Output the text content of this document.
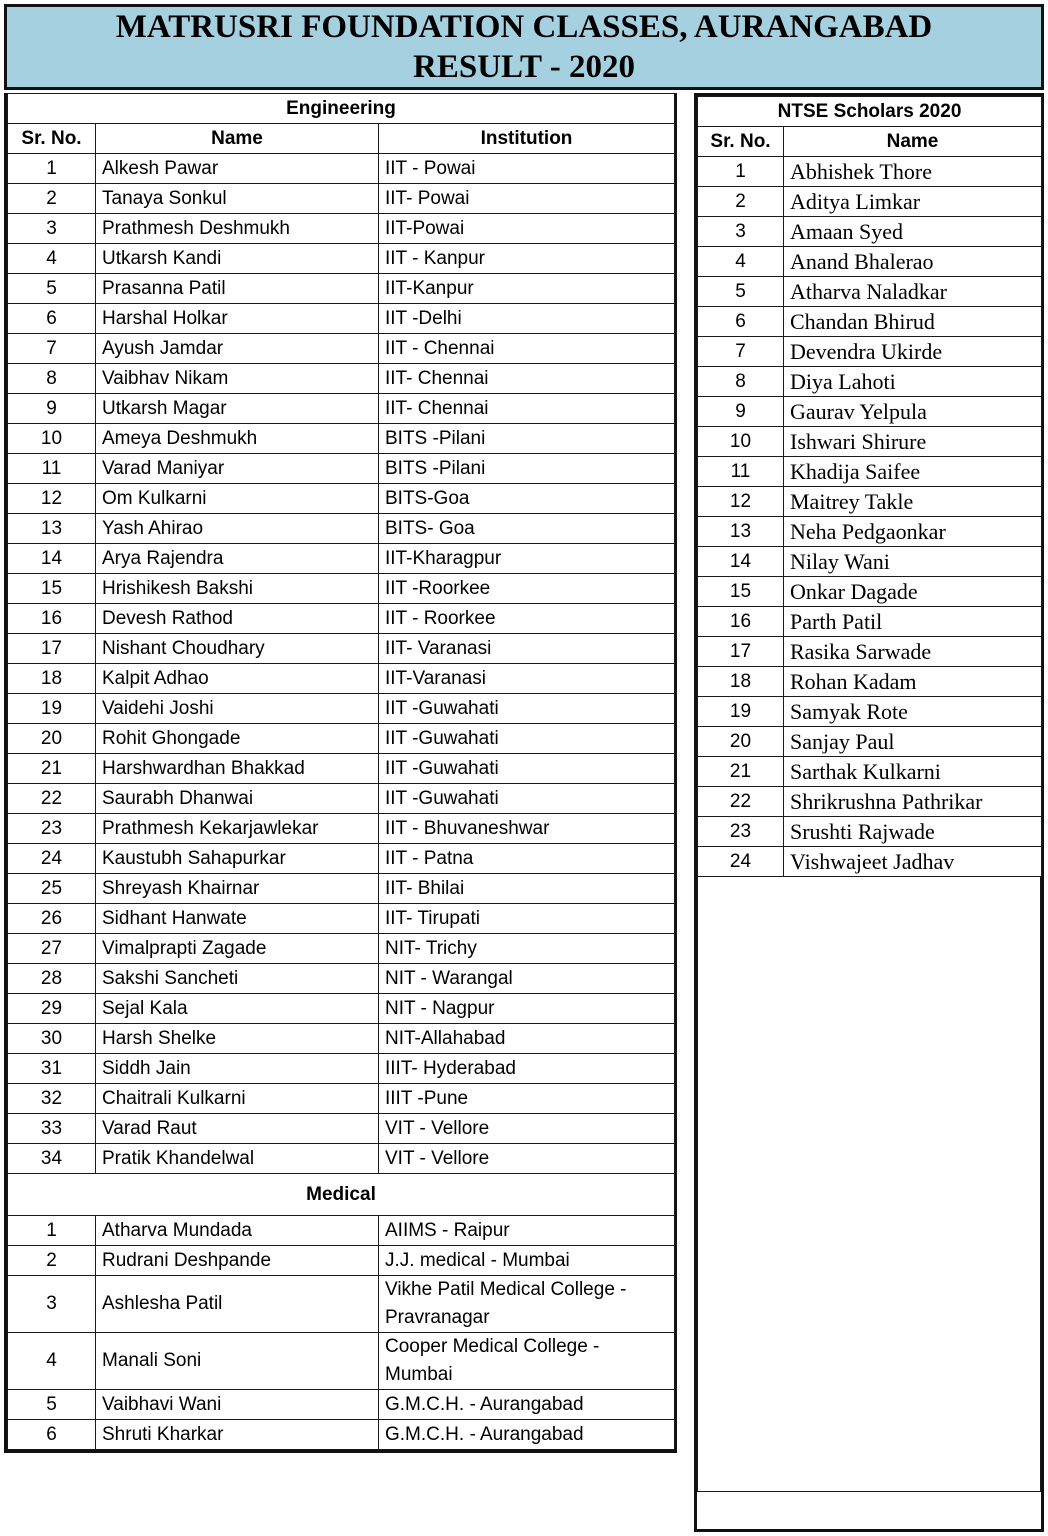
MATRUSRI FOUNDATION CLASSES, AURANGABAD
RESULT - 2020
Engineering		
Sr. No.	Name	Institution
1	Alkesh Pawar	IIT - Powai
2	Tanaya Sonkul	IIT- Powai
3	Prathmesh Deshmukh	IIT-Powai
4	Utkarsh Kandi	IIT - Kanpur
5	Prasanna Patil	IIT-Kanpur
6	Harshal Holkar	IIT -Delhi
7	Ayush Jamdar	IIT - Chennai
8	Vaibhav Nikam	IIT- Chennai
9	Utkarsh Magar	IIT- Chennai
10	Ameya Deshmukh	BITS -Pilani
11	Varad Maniyar	BITS -Pilani
12	Om Kulkarni	BITS-Goa
13	Yash Ahirao	BITS- Goa
14	Arya Rajendra	IIT-Kharagpur
15	Hrishikesh Bakshi	IIT -Roorkee
16	Devesh Rathod	IIT - Roorkee
17	Nishant Choudhary	IIT- Varanasi
18	Kalpit Adhao	IIT-Varanasi
19	Vaidehi Joshi	IIT -Guwahati
20	Rohit Ghongade	IIT -Guwahati
21	Harshwardhan Bhakkad	IIT -Guwahati
22	Saurabh Dhanwai	IIT -Guwahati
23	Prathmesh Kekarjawlekar	IIT - Bhuvaneshwar
24	Kaustubh Sahapurkar	IIT - Patna
25	Shreyash Khairnar	IIT- Bhilai
26	Sidhant Hanwate	IIT- Tirupati
27	Vimalprapti Zagade	NIT- Trichy
28	Sakshi Sancheti	NIT - Warangal
29	Sejal Kala	NIT - Nagpur
30	Harsh Shelke	NIT-Allahabad
31	Siddh Jain	IIIT- Hyderabad
32	Chaitrali Kulkarni	IIIT -Pune
33	Varad Raut	VIT - Vellore
34	Pratik Khandelwal	VIT - Vellore
Medical		
1	Atharva Mundada	AIIMS - Raipur
2	Rudrani Deshpande	J.J. medical - Mumbai
3	Ashlesha Patil	Vikhe Patil Medical College - Pravranagar
4	Manali Soni	Cooper Medical College - Mumbai
5	Vaibhavi Wani	G.M.C.H. - Aurangabad
6	Shruti Kharkar	G.M.C.H. - Aurangabad
NTSE Scholars 2020	
Sr. No.	Name
1	Abhishek Thore
2	Aditya Limkar
3	Amaan Syed
4	Anand Bhalerao
5	Atharva Naladkar
6	Chandan Bhirud
7	Devendra Ukirde
8	Diya Lahoti
9	Gaurav Yelpula
10	Ishwari Shirure
11	Khadija Saifee
12	Maitrey Takle
13	Neha Pedgaonkar
14	Nilay Wani
15	Onkar Dagade
16	Parth Patil
17	Rasika Sarwade
18	Rohan Kadam
19	Samyak Rote
20	Sanjay Paul
21	Sarthak Kulkarni
22	Shrikrushna Pathrikar
23	Srushti Rajwade
24	Vishwajeet Jadhav
